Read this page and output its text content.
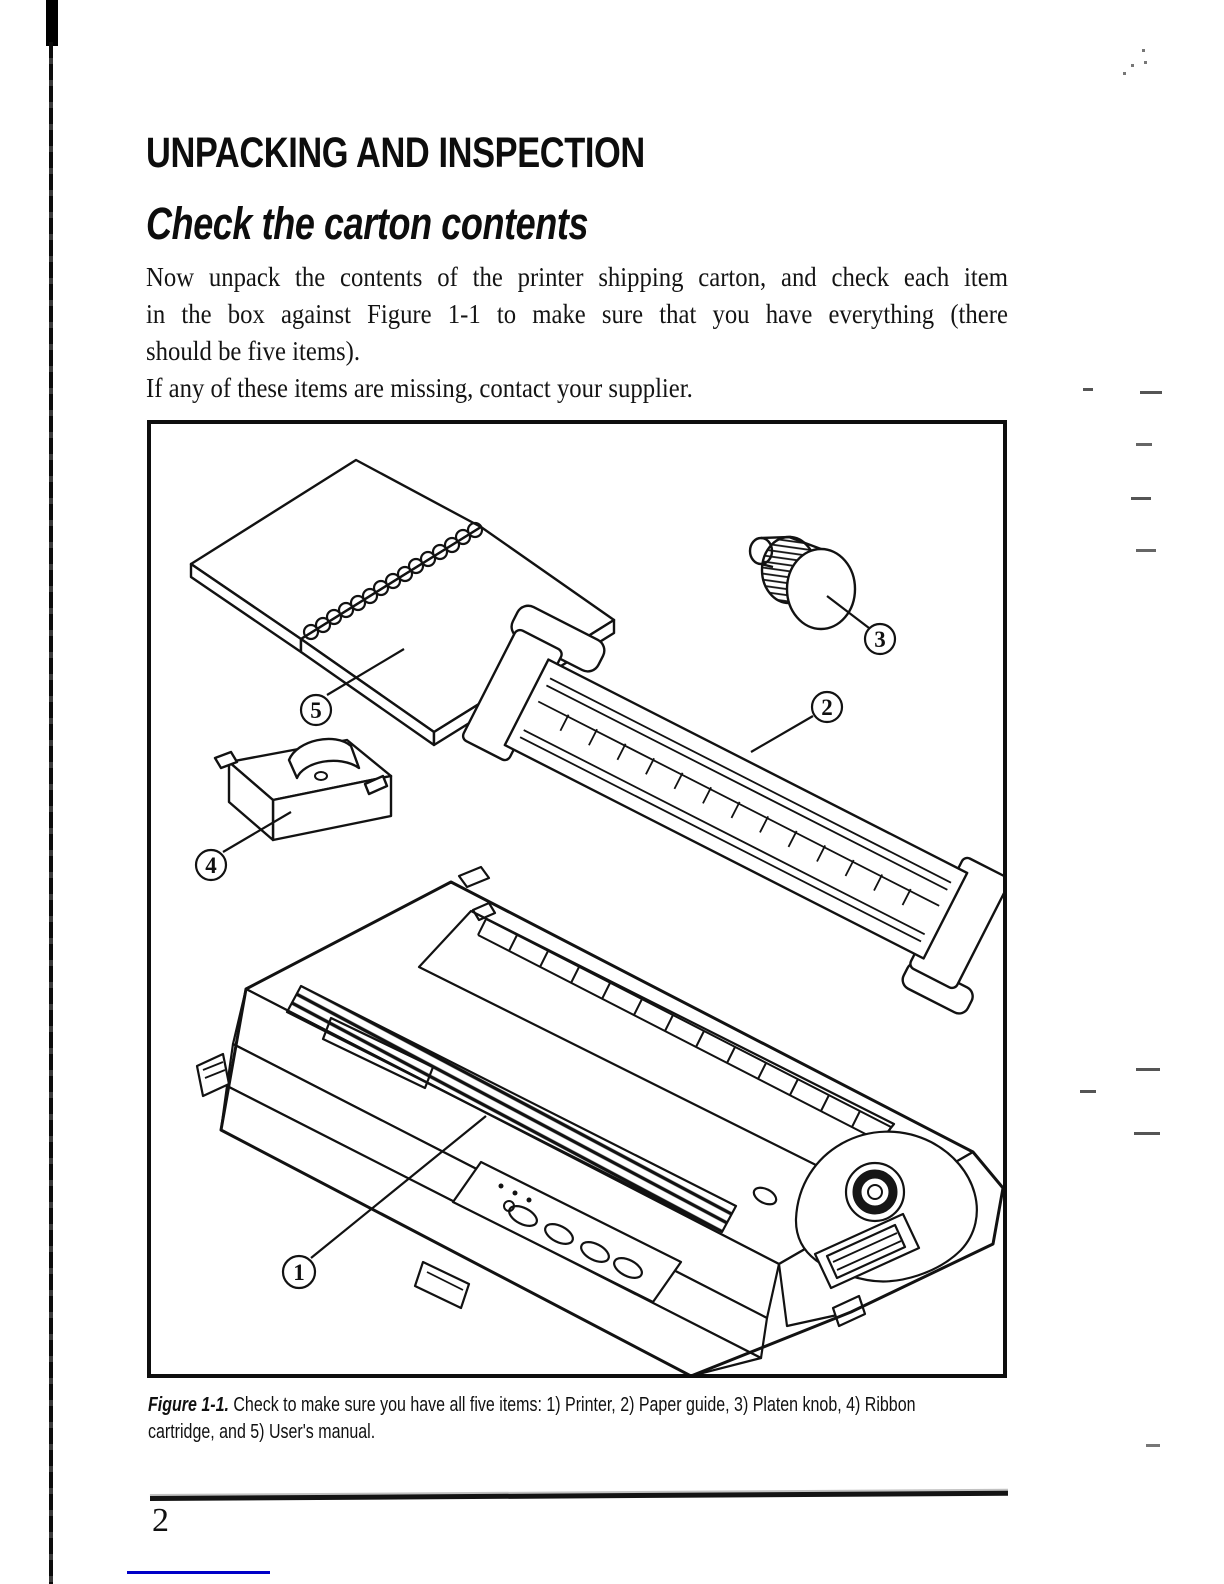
UNPACKING AND INSPECTION
Check the carton contents
Now unpack the contents of the printer shipping carton, and check each item
in the box against Figure 1-1 to make sure that you have everything (there
should be five items).
If any of these items are missing, contact your supplier.
5
3
2
4
1
Figure 1-1. Check to make sure you have all five items: 1) Printer, 2) Paper guide, 3) Platen knob, 4) Ribbon
cartridge, and 5) User's manual.
2
